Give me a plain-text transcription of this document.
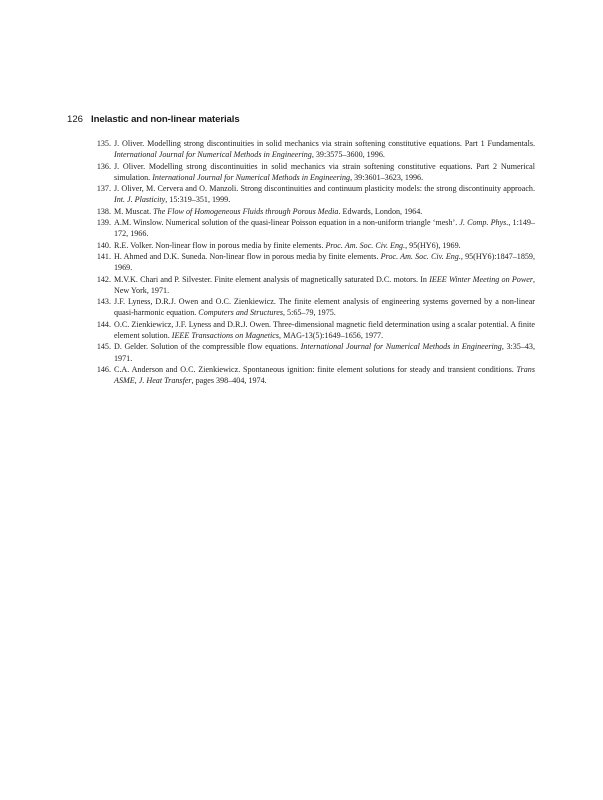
126 Inelastic and non-linear materials
135. J. Oliver. Modelling strong discontinuities in solid mechanics via strain softening constitutive equations. Part 1 Fundamentals. International Journal for Numerical Methods in Engineering, 39:3575–3600, 1996.
136. J. Oliver. Modelling strong discontinuities in solid mechanics via strain softening constitutive equations. Part 2 Numerical simulation. International Journal for Numerical Methods in Engineering, 39:3601–3623, 1996.
137. J. Oliver, M. Cervera and O. Manzoli. Strong discontinuities and continuum plasticity models: the strong discontinuity approach. Int. J. Plasticity, 15:319–351, 1999.
138. M. Muscat. The Flow of Homogeneous Fluids through Porous Media. Edwards, London, 1964.
139. A.M. Winslow. Numerical solution of the quasi-linear Poisson equation in a non-uniform triangle ‘mesh’. J. Comp. Phys., 1:149–172, 1966.
140. R.E. Volker. Non-linear flow in porous media by finite elements. Proc. Am. Soc. Civ. Eng., 95(HY6), 1969.
141. H. Ahmed and D.K. Suneda. Non-linear flow in porous media by finite elements. Proc. Am. Soc. Civ. Eng., 95(HY6):1847–1859, 1969.
142. M.V.K. Chari and P. Silvester. Finite element analysis of magnetically saturated D.C. motors. In IEEE Winter Meeting on Power, New York, 1971.
143. J.F. Lyness, D.R.J. Owen and O.C. Zienkiewicz. The finite element analysis of engineering systems governed by a non-linear quasi-harmonic equation. Computers and Structures, 5:65–79, 1975.
144. O.C. Zienkiewicz, J.F. Lyness and D.R.J. Owen. Three-dimensional magnetic field determination using a scalar potential. A finite element solution. IEEE Transactions on Magnetics, MAG-13(5):1649–1656, 1977.
145. D. Gelder. Solution of the compressible flow equations. International Journal for Numerical Methods in Engineering, 3:35–43, 1971.
146. C.A. Anderson and O.C. Zienkiewicz. Spontaneous ignition: finite element solutions for steady and transient conditions. Trans ASME, J. Heat Transfer, pages 398–404, 1974.
